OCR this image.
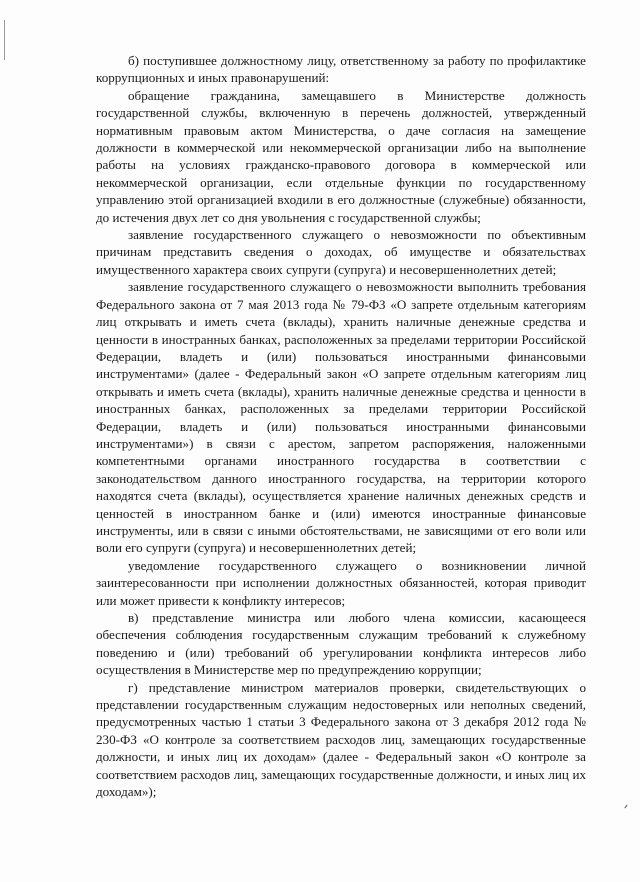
б) поступившее должностному лицу, ответственному за работу по профилактике коррупционных и иных правонарушений:

обращение гражданина, замещавшего в Министерстве должность государственной службы, включенную в перечень должностей, утвержденный нормативным правовым актом Министерства, о даче согласия на замещение должности в коммерческой или некоммерческой организации либо на выполнение работы на условиях гражданско-правового договора в коммерческой или некоммерческой организации, если отдельные функции по государственному управлению этой организацией входили в его должностные (служебные) обязанности, до истечения двух лет со дня увольнения с государственной службы;

заявление государственного служащего о невозможности по объективным причинам представить сведения о доходах, об имуществе и обязательствах имущественного характера своих супруги (супруга) и несовершеннолетних детей;

заявление государственного служащего о невозможности выполнить требования Федерального закона от 7 мая 2013 года № 79-ФЗ «О запрете отдельным категориям лиц открывать и иметь счета (вклады), хранить наличные денежные средства и ценности в иностранных банках, расположенных за пределами территории Российской Федерации, владеть и (или) пользоваться иностранными финансовыми инструментами» (далее - Федеральный закон «О запрете отдельным категориям лиц открывать и иметь счета (вклады), хранить наличные денежные средства и ценности в иностранных банках, расположенных за пределами территории Российской Федерации, владеть и (или) пользоваться иностранными финансовыми инструментами») в связи с арестом, запретом распоряжения, наложенными компетентными органами иностранного государства в соответствии с законодательством данного иностранного государства, на территории которого находятся счета (вклады), осуществляется хранение наличных денежных средств и ценностей в иностранном банке и (или) имеются иностранные финансовые инструменты, или в связи с иными обстоятельствами, не зависящими от его воли или воли его супруги (супруга) и несовершеннолетних детей;

уведомление государственного служащего о возникновении личной заинтересованности при исполнении должностных обязанностей, которая приводит или может привести к конфликту интересов;

в) представление министра или любого члена комиссии, касающееся обеспечения соблюдения государственным служащим требований к служебному поведению и (или) требований об урегулировании конфликта интересов либо осуществления в Министерстве мер по предупреждению коррупции;

г) представление министром материалов проверки, свидетельствующих о представлении государственным служащим недостоверных или неполных сведений, предусмотренных частью 1 статьи 3 Федерального закона от 3 декабря 2012 года № 230-ФЗ «О контроле за соответствием расходов лиц, замещающих государственные должности, и иных лиц их доходам» (далее - Федеральный закон «О контроле за соответствием расходов лиц, замещающих государственные должности, и иных лиц их доходам»);
